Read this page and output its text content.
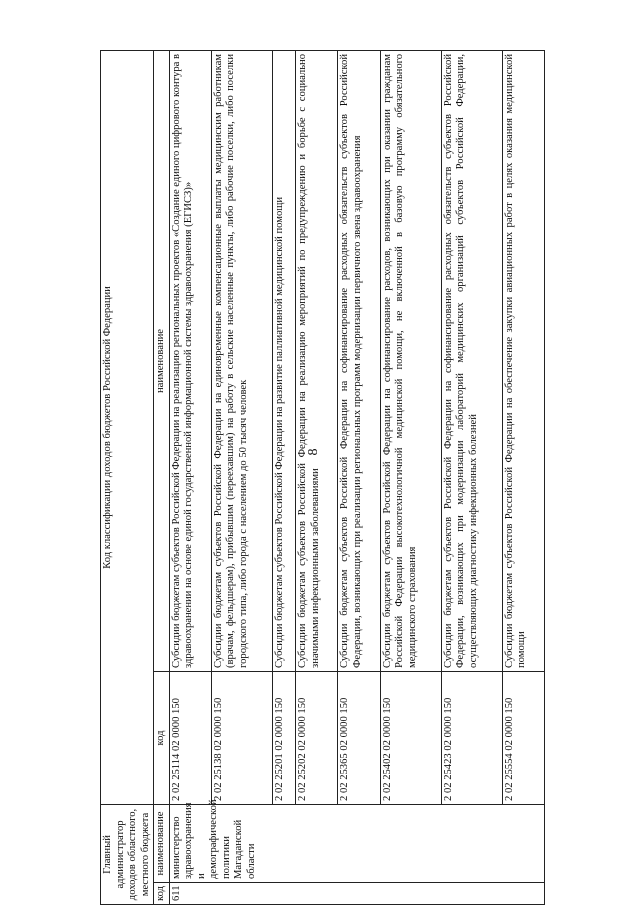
8
Главный администратор доходов областного, местного бюджета		Код классификации доходов бюджетов Российской Федерации	
код	наименование	код	наименование
611	министерство здравоохранения и демографической политики Магаданской области	2 02 25114 02 0000 150	Субсидии бюджетам субъектов Российской Федерации на реализацию региональных проектов «Создание единого цифрового контура в здравоохранении на основе единой государственной информационной системы здравоохранения (ЕГИСЗ)»
		2 02 25138 02 0000 150	Субсидии бюджетам субъектов Российской Федерации на единовременные компенсационные выплаты медицинским работникам (врачам, фельдшерам), прибывшим (переехавшим) на работу в сельские населенные пункты, либо рабочие поселки, либо поселки городского типа, либо города с населением до 50 тысяч человек
		2 02 25201 02 0000 150	Субсидии бюджетам субъектов Российской Федерации на развитие паллиативной медицинской помощи
		2 02 25202 02 0000 150	Субсидии бюджетам субъектов Российской Федерации на реализацию мероприятий по предупреждению и борьбе с социально значимыми инфекционными заболеваниями
		2 02 25365 02 0000 150	Субсидии бюджетам субъектов Российской Федерации на софинансирование расходных обязательств субъектов Российской Федерации, возникающих при реализации региональных программ модернизации первичного звена здравоохранения
		2 02 25402 02 0000 150	Субсидии бюджетам субъектов Российской Федерации на софинансирование расходов, возникающих при оказании гражданам Российской Федерации высокотехнологичной медицинской помощи, не включенной в базовую программу обязательного медицинского страхования
		2 02 25423 02 0000 150	Субсидии бюджетам субъектов Российской Федерации на софинансирование расходных обязательств субъектов Российской Федерации, возникающих при модернизации лабораторий медицинских организаций субъектов Российской Федерации, осуществляющих диагностику инфекционных болезней
		2 02 25554 02 0000 150	Субсидии бюджетам субъектов Российской Федерации на обеспечение закупки авиационных работ в целях оказания медицинской помощи
